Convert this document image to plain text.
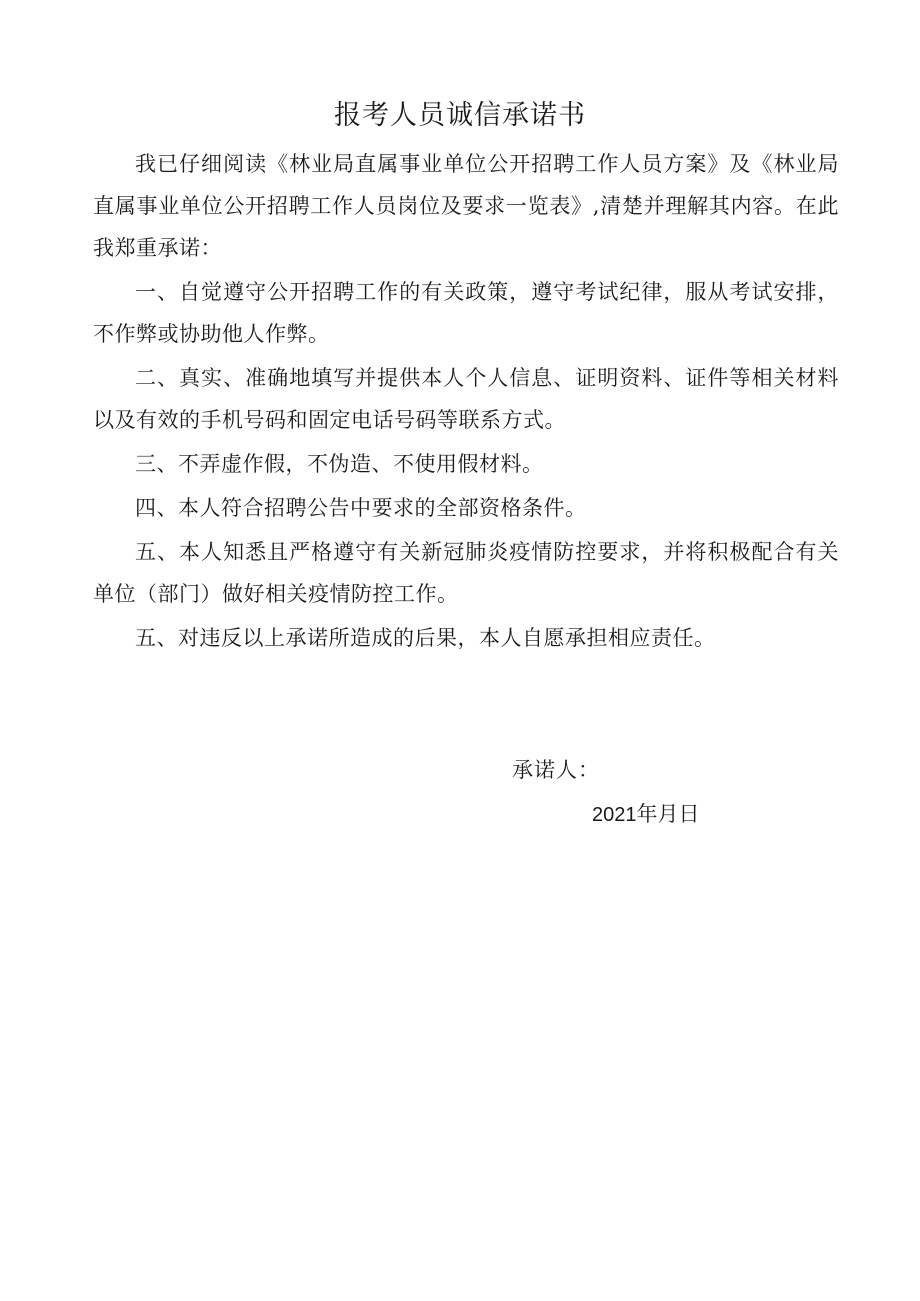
报考人员诚信承诺书

我已仔细阅读《林业局直属事业单位公开招聘工作人员方案》及《林业局直属事业单位公开招聘工作人员岗位及要求一览表》,清楚并理解其内容。在此我郑重承诺：

一、自觉遵守公开招聘工作的有关政策，遵守考试纪律，服从考试安排，不作弊或协助他人作弊。

二、真实、准确地填写并提供本人个人信息、证明资料、证件等相关材料以及有效的手机号码和固定电话号码等联系方式。

三、不弄虚作假，不伪造、不使用假材料。

四、本人符合招聘公告中要求的全部资格条件。

五、本人知悉且严格遵守有关新冠肺炎疫情防控要求，并将积极配合有关单位（部门）做好相关疫情防控工作。

五、对违反以上承诺所造成的后果，本人自愿承担相应责任。

承诺人：
2021年月日
